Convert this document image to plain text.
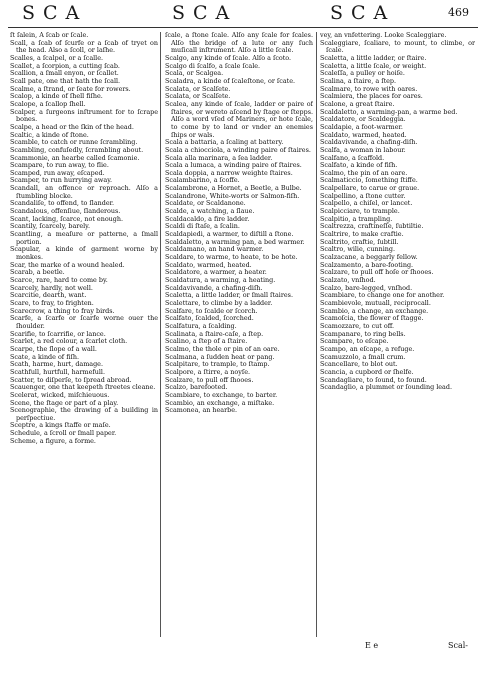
SCA	SCA	SCA	469

ſt ſalein, A ſcab or ſcale.

Scall, a ſcab of ſcurfe or a ſcab of tryet on the head. Also a ſcoll, or laſhe.

Scalles, a ſcalpel, or a ſcalle.

Scallet, a ſcorpion, a cutting ſcab.

Scallion, a ſmall enyon, or ſcallet.

Scall pate, one that hath the ſcall.

Scalme, a ſtrand, or ſeate for rowers.

Scalop, a kinde of ſhell fiſhe.

Scalope, a ſcallop ſhell.

Scalper, a ſurgeons inſtrument for to ſcrape bones.

Scalpe, a head or the ſkin of the head.

Scaltic, a kinde of ſtone.

Scamble, to catch or runne ſcrambling.

Scambling, confuſedly, ſcrambling about.

Scammonie, an hearbe called ſcamonie.

Scampare, to run away, to flie.

Scamped, run away, eſcaped.

Scamper, to run hurrying away.

Scandall, an offence or reproach. Alſo a ſtumbling blocke.

Scandaliſe, to offend, to ſlander.

Scandalous, offenſiue, ſlanderous.

Scant, lacking, ſcarce, not enough.

Scantily, ſcarcely, barely.

Scantling, a meaſure or patterne, a ſmall portion.

Scapular, a kinde of garment worne by monkes.

Scar, the marke of a wound healed.

Scarab, a beetle.

Scarce, rare, hard to come by.

Scarcely, hardly, not well.

Scarcitie, dearth, want.

Scare, to fray, to frighten.

Scarecrow, a thing to fray birds.

Scarfe, a ſcarfe or ſcarfe worne ouer the ſhoulder.

Scarifie, to ſcarrifie, or lance.

Scarlet, a red colour, a ſcarlet cloth.

Scarpe, the ſlope of a wall.

Scate, a kinde of fiſh.

Scath, harme, hurt, damage.

Scathfull, hurtfull, harmefull.

Scatter, to diſperſe, to ſpread abroad.

Scauenger, one that keepeth ſtreetes cleane.

Scelerat, wicked, miſchieuous.

Scene, the ſtage or part of a play.

Scenographie, the drawing of a building in perſpectiue.

Sceptre, a kings ſtaffe or maſe.

Schedule, a ſcroll or ſmall paper.

Scheme, a figure, a forme.

ſcale, a ſtone ſcale. Alſo any ſcale for ſcales. Alſo the bridge of a lute or any ſuch muſicall inſtrument. Alſo a little ſcale.

Scalgo, any kinde of ſcale. Alſo a ſcoto.

Scalgo di ſcalfo, a ſcale ſcale.

Scala, or Scalgea.

Scaladra, a kinde of ſcaleſtone, or ſcate.

Scalata, or Scalſete.

Scalata, or Scalſete.

Scalea, any kinde of ſcale, ladder or paire of ſtaires, or wereto aſcend by ſtage or ſtepps. Alſo a word vſed of Mariners, or hote ſcale, to come by to land or vnder an enemies ſhips or wals.

Scala a battaria, a ſcaling at battery.

Scala a chiocciola, a winding paire of ſtaires.

Scala alla marinara, a ſea ladder.

Scala a lumaca, a winding paire of ſtaires.

Scala doppia, a narrow weighte ſtaires.

Scalambarino, a ſcoffe.

Scalambrone, a Hornet, a Beetle, a Bulbe.

Scalandrone, White-worts or Salmon-fiſh.

Scaldate, or Scaldanone.

Scalde, a watching, a ſlaue.

Scaldacaldo, a fire ladder.

Scaldi di ſtaſe, a ſcalin.

Scaldapiedi, a warmer, to diſtill a ſtone.

Scaldaletto, a warming pan, a bed warmer.

Scaldamano, an hand warmer.

Scaldare, to warme, to heate, to be hote.

Scaldato, warmed, heated.

Scaldatore, a warmer, a heater.

Scaldatura, a warming, a heating.

Scaldavivande, a chafing-diſh.

Scaletta, a little ladder, or ſmall ſtaires.

Scalettare, to climbe by a ladder.

Scalfare, to ſcalde or ſcorch.

Scalfato, ſcalded, ſcorched.

Scalfatura, a ſcalding.

Scalinata, a ſtaire-caſe, a ſtep.

Scalino, a ſtep of a ſtaire.

Scalmo, the thole or pin of an oare.

Scalmana, a ſudden heat or pang.

Scalpitare, to trample, to ſtamp.

Scalpore, a ſtirre, a noyſe.

Scalzare, to pull off ſhooes.

Scalzo, barefooted.

Scambiare, to exchange, to barter.

Scambio, an exchange, a miſtake.

Scamonea, an hearbe.

vey, an vnfettering. Looke Scaleggiare.

Scaleggiare, ſcaliare, to mount, to climbe, or ſcale.

Scaletta, a little ladder, or ſtaire.

Scaletta, a little ſcale, or weight.

Scaleſſa, a pulley or hoiſe.

Scalina, a ſtaire, a ſtep.

Scalmare, to rowe with oares.

Scalmiera, the places for oares.

Scalone, a great ſtaire.

Scaldaletto, a warming-pan, a warme bed.

Scaldatore, or Scaldeggia.

Scaldapie, a foot-warmer.

Scaldato, warmed, heated.

Scaldavivande, a chafing-diſh.

Scalfa, a woman in labour.

Scalfano, a ſcaffold.

Scalfato, a kinde of fiſh.

Scalmo, the pin of an oare.

Scalmaticcio, ſomething ſtiffe.

Scalpellare, to carue or graue.

Scalpellino, a ſtone cutter.

Scalpello, a chiſel, or lancet.

Scalpicciare, to trample.

Scalpitio, a trampling.

Scaltrezza, craftineſſe, ſubtiltie.

Scaltrire, to make craftie.

Scaltrito, craftie, ſubtill.

Scaltro, wilie, cunning.

Scalzacane, a beggarly fellow.

Scalzamento, a bare-footing.

Scalzare, to pull off hoſe or ſhooes.

Scalzato, vnſhod.

Scalzo, bare-legged, vnſhod.

Scambiare, to change one for another.

Scambievole, mutuall, reciprocall.

Scambio, a change, an exchange.

Scamoſcia, the flower of ſtagge.

Scamozzare, to cut off.

Scampanare, to ring bells.

Scampare, to eſcape.

Scampo, an eſcape, a refuge.

Scamuzzolo, a ſmall crum.

Scancellare, to blot out.

Scancia, a cupbord or ſhelfe.

Scandagliare, to ſound, to found.

Scandaglio, a plummet or ſounding lead.

E e	Scal-
